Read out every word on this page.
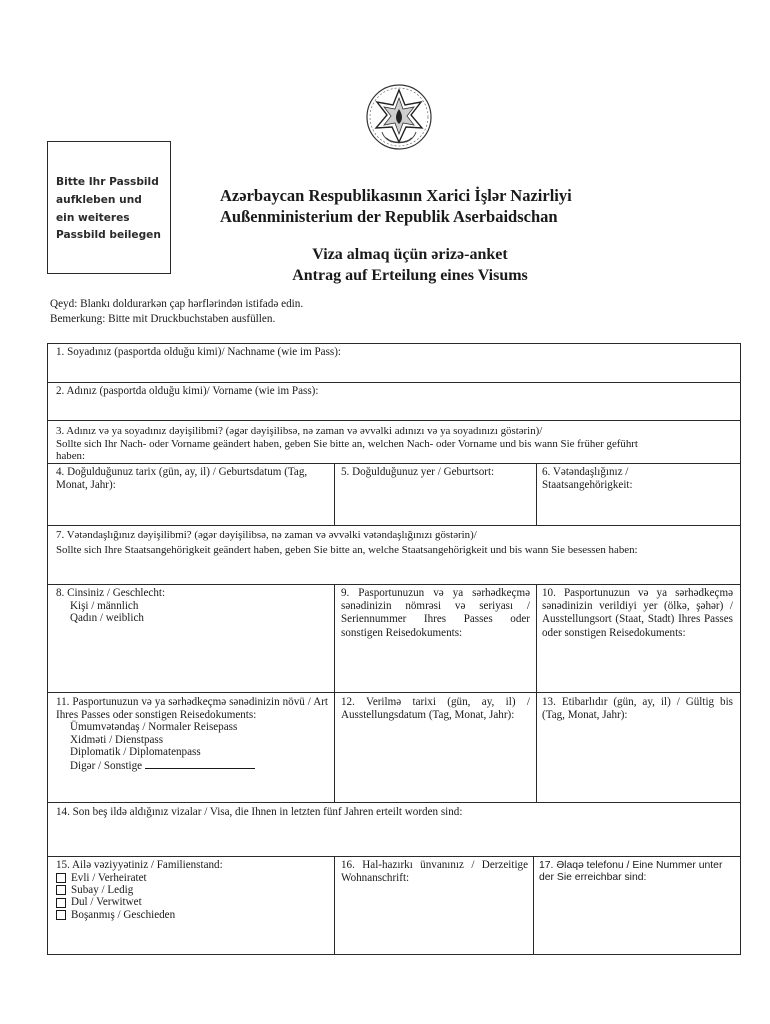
Bitte Ihr Passbild
aufkleben und
ein weiteres
Passbild beilegen
Azərbaycan Respublikasının Xarici İşlər Nazirliyi
Außenministerium der Republik Aserbaidschan
Viza almaq üçün ərizə-anket
Antrag auf Erteilung eines Visums
Qeyd: Blankı doldurarkən çap hərflərindən istifadə edin.
Bemerkung: Bitte mit Druckbuchstaben ausfüllen.
1. Soyadınız (pasportda olduğu kimi)/ Nachname (wie im Pass):
2. Adınız (pasportda olduğu kimi)/ Vorname (wie im Pass):
3. Adınız və ya soyadınız dəyişilibmi? (əgər dəyişilibsə, nə zaman və əvvəlki adınızı və ya soyadınızı göstərin)/
Sollte sich Ihr Nach- oder Vorname geändert haben, geben Sie bitte an, welchen Nach- oder Vorname und bis wann Sie früher geführt
haben:
4. Doğulduğunuz tarix (gün, ay, il) / Geburtsdatum (Tag, Monat, Jahr):
5. Doğulduğunuz yer / Geburtsort:	6. Vətəndaşlığınız / Staatsangehörigkeit:
7. Vətəndaşlığınız dəyişilibmi? (əgər dəyişilibsə, nə zaman və əvvəlki vətəndaşlığınızı göstərin)/
Sollte sich Ihre Staatsangehörigkeit geändert haben, geben Sie bitte an, welche Staatsangehörigkeit und bis wann Sie besessen haben:
8. Cinsiniz / Geschlecht:
Kişi / männlich
Qadın / weiblich
9. Pasportunuzun və ya sərhədkeçmə sənədinizin nömrəsi və seriyası / Seriennummer Ihres Passes oder sonstigen Reisedokuments:
10. Pasportunuzun və ya sərhədkeçmə sənədinizin verildiyi yer (ölkə, şəhər) / Ausstellungsort (Staat, Stadt) Ihres Passes oder sonstigen Reisedokuments:
11. Pasportunuzun və ya sərhədkeçmə sənədinizin növü / Art Ihres Passes oder sonstigen Reisedokuments:
Ümumvətəndaş / Normaler Reisepass
Xidməti / Dienstpass
Diplomatik / Diplomatenpass
Digər / Sonstige
12. Verilmə tarixi (gün, ay, il) / Ausstellungsdatum (Tag, Monat, Jahr):
13. Etibarlıdır (gün, ay, il) / Gültig bis (Tag, Monat, Jahr):
14. Son beş ildə aldığınız vizalar / Visa, die Ihnen in letzten fünf Jahren erteilt worden sind:
15. Ailə vəziyyətiniz / Familienstand:
Evli / Verheiratet
Subay / Ledig
Dul / Verwitwet
Boşanmış / Geschieden
16. Hal-hazırkı ünvanınız / Derzeitige Wohnanschrift:
17. Əlaqə telefonu / Eine Nummer unter der Sie erreichbar sind:
